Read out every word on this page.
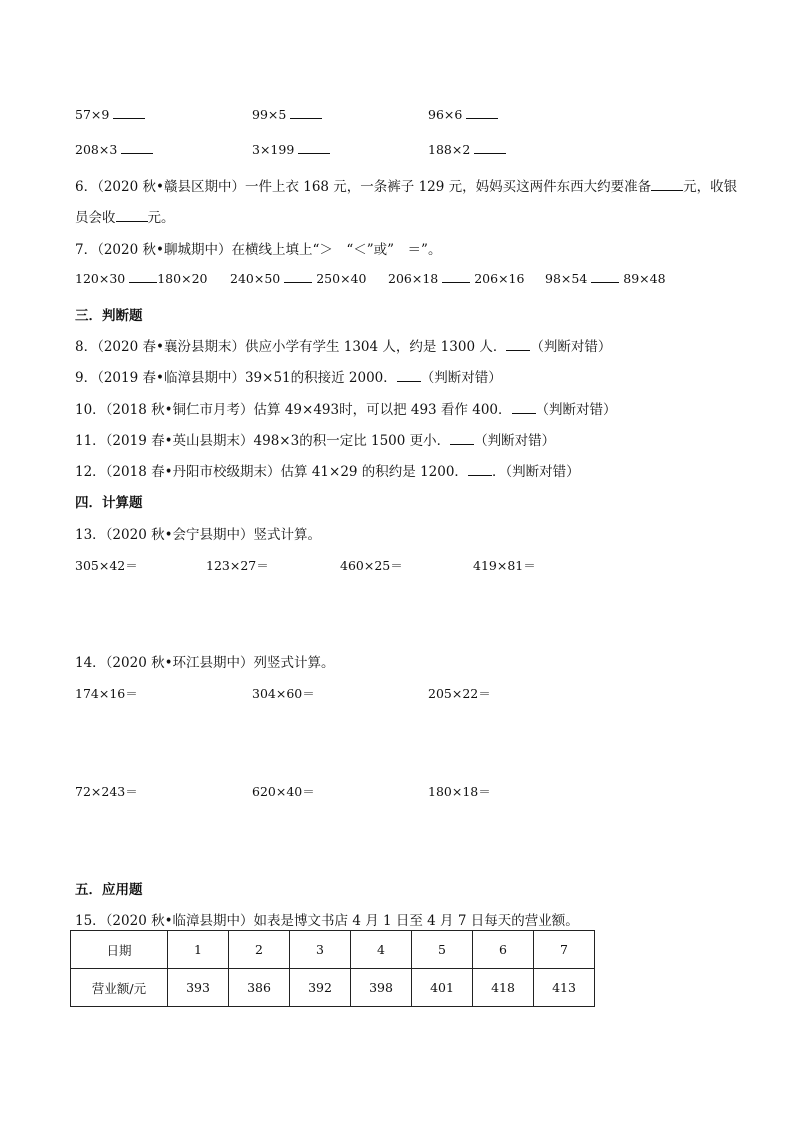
57×9	99×5	96×6
208×3	3×199	188×2
6．（2020 秋•赣县区期中）一件上衣 168 元，一条裤子 129 元，妈妈买这两件东西大约要准备 元，收银
员会收 元。
7．（2020 秋•聊城期中）在横线上填上“＞　“＜”或”　＝”。
120×30	180×20 240×50	250×40 206×18	206×16 98×54	89×48
三．判断题
8．（2020 春•襄汾县期末）供应小学有学生 1304 人，约是 1300 人． （判断对错）
9．（2019 春•临漳县期中）39×51的积接近 2000． （判断对错）
10．（2018 秋•铜仁市月考）估算 49×493时，可以把 493 看作 400． （判断对错）
11．（2019 春•英山县期末）498×3的积一定比 1500 更小． （判断对错）
12．（2018 春•丹阳市校级期末）估算 41×29 的积约是 1200． ．（判断对错）
四．计算题
13．（2020 秋•会宁县期中）竖式计算。
305×42＝	123×27＝	460×25＝	419×81＝
14．（2020 秋•环江县期中）列竖式计算。
174×16＝	304×60＝	205×22＝
72×243＝	620×40＝	180×18＝
五．应用题
15．（2020 秋•临漳县期中）如表是博文书店 4 月 1 日至 4 月 7 日每天的营业额。
日期	1	2	3	4	5	6	7
营业额/元	393	386	392	398	401	418	413
